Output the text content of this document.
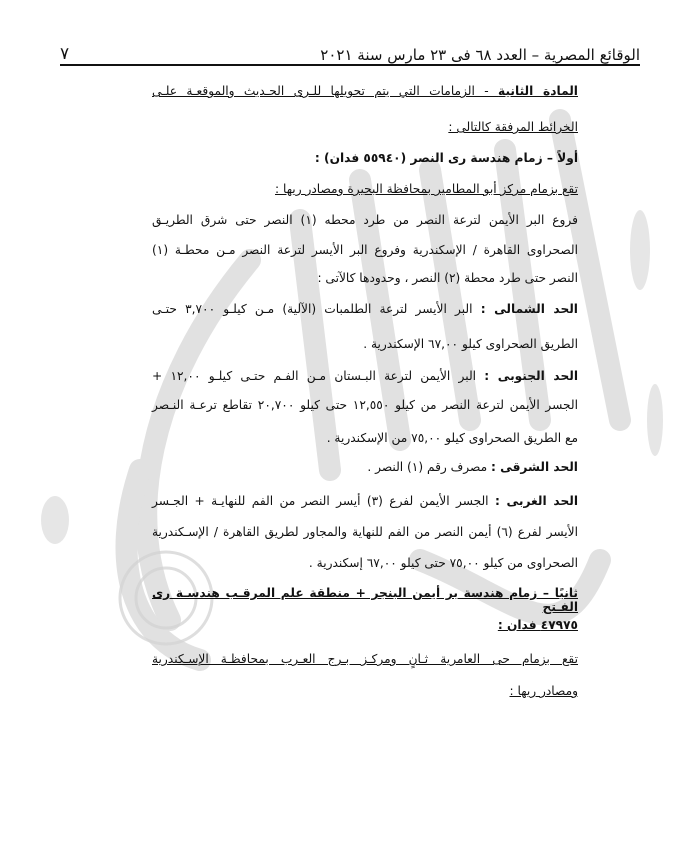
الوقائع المصرية – العدد ٦٨ فى ٢٣ مارس سنة ٢٠٢١
٧
المادة الثانية - الزمامات التي يتم تحويلها للـرى الحـديث والموقعـة علـى
الخرائط المرفقة كالتالى :
أولاً – زمام هندسة رى النصر (٥٥٩٤٠ فدان) :
تقع بزمام مركز أبو المطامير بمحافظة البحيرة ومصادر ريها :
فروع البر الأيمن لترعة النصر من طرد محطه (١) النصر حتى شرق الطريـق
الصحراوى القاهرة / الإسكندرية وفروع البر الأيسر لترعة النصر مـن محطـة (١)
النصر حتى طرد محطة (٢) النصر ، وحدودها كالآتى :
الحد الشمالى : البر الأيسر لترعة الطلمبات (الآلية) مـن كيلـو ٣,٧٠٠ حتـى
الطريق الصحراوى كيلو ٦٧,٠٠ الإسكندرية .
الحد الجنوبى : البر الأيمن لترعة البـستان مـن الفـم حتـى كيلـو ١٢,٠٠ +
الجسر الأيمن لترعة النصر من كيلو ١٢,٥٥٠ حتى كيلو ٢٠,٧٠٠ تقاطع ترعـة النـصر
مع الطريق الصحراوى كيلو ٧٥,٠٠ من الإسكندرية .
الحد الشرقى : مصرف رقم (١) النصر .
الحد الغربى : الجسر الأيمن لفرع (٣) أيسر النصر من الفم للنهايـة + الجـسر
الأيسر لفرع (٦) أيمن النصر من الفم للنهاية والمجاور لطريق القاهرة / الإسـكندرية
الصحراوى من كيلو ٧٥,٠٠ حتى كيلو ٦٧,٠٠ إسكندرية .
ثانيًا – زمام هندسة بر أيمن البنجر + منطقة علم المرقـب هندسـة رى الفـتح
٤٧٩٧٥ فدان :
تقع بزمام حى العامرية ثـانٍ ومركـز بـرج العـرب بمحافظـة الإسـكندرية
ومصادر ريها :
